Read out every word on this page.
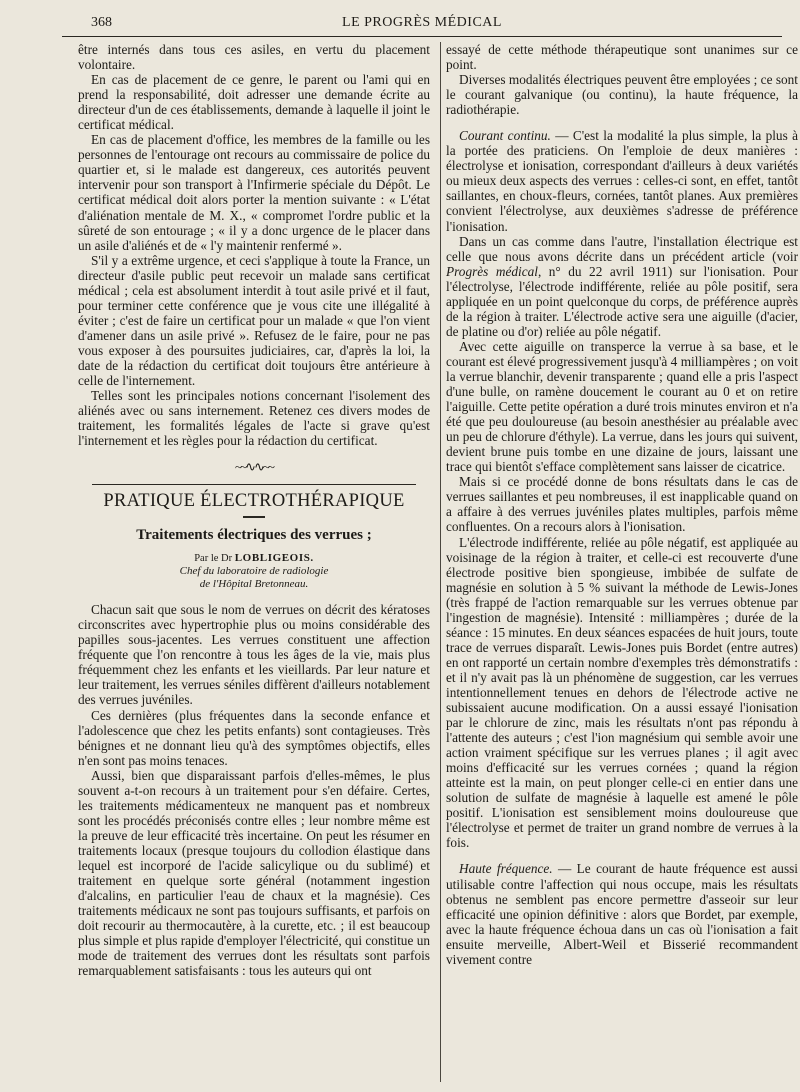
368	LE PROGRÈS MÉDICAL

être internés dans tous ces asiles, en vertu du placement volontaire.

En cas de placement de ce genre, le parent ou l'ami qui en prend la responsabilité, doit adresser une demande écrite au directeur d'un de ces établissements, demande à laquelle il joint le certificat médical.

En cas de placement d'office, les membres de la famille ou les personnes de l'entourage ont recours au commissaire de police du quartier et, si le malade est dangereux, ces autorités peuvent intervenir pour son transport à l'Infirmerie spéciale du Dépôt. Le certificat médical doit alors porter la mention suivante : « L'état d'aliénation mentale de M. X., « compromet l'ordre public et la sûreté de son entourage ; « il y a donc urgence de le placer dans un asile d'aliénés et de « l'y maintenir renfermé ».

S'il y a extrême urgence, et ceci s'applique à toute la France, un directeur d'asile public peut recevoir un malade sans certificat médical ; cela est absolument interdit à tout asile privé et il faut, pour terminer cette conférence que je vous cite une illégalité à éviter ; c'est de faire un certificat pour un malade « que l'on vient d'amener dans un asile privé ». Refusez de le faire, pour ne pas vous exposer à des poursuites judiciaires, car, d'après la loi, la date de la rédaction du certificat doit toujours être antérieure à celle de l'internement.

Telles sont les principales notions concernant l'isolement des aliénés avec ou sans internement. Retenez ces divers modes de traitement, les formalités légales de l'acte si grave qu'est l'internement et les règles pour la rédaction du certificat.

~~∿∿~~
PRATIQUE ÉLECTROTHÉRAPIQUE
Traitements électriques des verrues ;
Par le Dr LOBLIGEOIS.
Chef du laboratoire de radiologie
de l'Hôpital Bretonneau.

Chacun sait que sous le nom de verrues on décrit des kératoses circonscrites avec hypertrophie plus ou moins considérable des papilles sous-jacentes. Les verrues constituent une affection fréquente que l'on rencontre à tous les âges de la vie, mais plus fréquemment chez les enfants et les vieillards. Par leur nature et leur traitement, les verrues séniles diffèrent d'ailleurs notablement des verrues juvéniles.

Ces dernières (plus fréquentes dans la seconde enfance et l'adolescence que chez les petits enfants) sont contagieuses. Très bénignes et ne donnant lieu qu'à des symptômes objectifs, elles n'en sont pas moins tenaces.

Aussi, bien que disparaissant parfois d'elles-mêmes, le plus souvent a-t-on recours à un traitement pour s'en défaire. Certes, les traitements médicamenteux ne manquent pas et nombreux sont les procédés préconisés contre elles ; leur nombre même est la preuve de leur efficacité très incertaine. On peut les résumer en traitements locaux (presque toujours du collodion élastique dans lequel est incorporé de l'acide salicylique ou du sublimé) et traitement en quelque sorte général (notamment ingestion d'alcalins, en particulier l'eau de chaux et la magnésie). Ces traitements médicaux ne sont pas toujours suffisants, et parfois on doit recourir au thermocautère, à la curette, etc. ; il est beaucoup plus simple et plus rapide d'employer l'électricité, qui constitue un mode de traitement des verrues dont les résultats sont parfois remarquablement satisfaisants : tous les auteurs qui ont

essayé de cette méthode thérapeutique sont unanimes sur ce point.

Diverses modalités électriques peuvent être employées ; ce sont le courant galvanique (ou continu), la haute fréquence, la radiothérapie.

Courant continu. — C'est la modalité la plus simple, la plus à la portée des praticiens. On l'emploie de deux manières : électrolyse et ionisation, correspondant d'ailleurs à deux variétés ou mieux deux aspects des verrues : celles-ci sont, en effet, tantôt saillantes, en choux-fleurs, cornées, tantôt planes. Aux premières convient l'électrolyse, aux deuxièmes s'adresse de préférence l'ionisation.

Dans un cas comme dans l'autre, l'installation électrique est celle que nous avons décrite dans un précédent article (voir Progrès médical, n° du 22 avril 1911) sur l'ionisation. Pour l'électrolyse, l'électrode indifférente, reliée au pôle positif, sera appliquée en un point quelconque du corps, de préférence auprès de la région à traiter. L'électrode active sera une aiguille (d'acier, de platine ou d'or) reliée au pôle négatif.

Avec cette aiguille on transperce la verrue à sa base, et le courant est élevé progressivement jusqu'à 4 milliampères ; on voit la verrue blanchir, devenir transparente ; quand elle a pris l'aspect d'une bulle, on ramène doucement le courant au 0 et on retire l'aiguille. Cette petite opération a duré trois minutes environ et n'a été que peu douloureuse (au besoin anesthésier au préalable avec un peu de chlorure d'éthyle). La verrue, dans les jours qui suivent, devient brune puis tombe en une dizaine de jours, laissant une trace qui bientôt s'efface complètement sans laisser de cicatrice.

Mais si ce procédé donne de bons résultats dans le cas de verrues saillantes et peu nombreuses, il est inapplicable quand on a affaire à des verrues juvéniles plates multiples, parfois même confluentes. On a recours alors à l'ionisation.

L'électrode indifférente, reliée au pôle négatif, est appliquée au voisinage de la région à traiter, et celle-ci est recouverte d'une électrode positive bien spongieuse, imbibée de sulfate de magnésie en solution à 5 % suivant la méthode de Lewis-Jones (très frappé de l'action remarquable sur les verrues obtenue par l'ingestion de magnésie). Intensité : milliampères ; durée de la séance : 15 minutes. En deux séances espacées de huit jours, toute trace de verrues disparaît. Lewis-Jones puis Bordet (entre autres) en ont rapporté un certain nombre d'exemples très démonstratifs : et il n'y avait pas là un phénomène de suggestion, car les verrues intentionnellement tenues en dehors de l'électrode active ne subissaient aucune modification. On a aussi essayé l'ionisation par le chlorure de zinc, mais les résultats n'ont pas répondu à l'attente des auteurs ; c'est l'ion magnésium qui semble avoir une action vraiment spécifique sur les verrues planes ; il agit avec moins d'efficacité sur les verrues cornées ; quand la région atteinte est la main, on peut plonger celle-ci en entier dans une solution de sulfate de magnésie à laquelle est amené le pôle positif. L'ionisation est sensiblement moins douloureuse que l'électrolyse et permet de traiter un grand nombre de verrues à la fois.

Haute fréquence. — Le courant de haute fréquence est aussi utilisable contre l'affection qui nous occupe, mais les résultats obtenus ne semblent pas encore permettre d'asseoir sur leur efficacité une opinion définitive : alors que Bordet, par exemple, avec la haute fréquence échoua dans un cas où l'ionisation a fait ensuite merveille, Albert-Weil et Bisserié recommandent vivement contre
